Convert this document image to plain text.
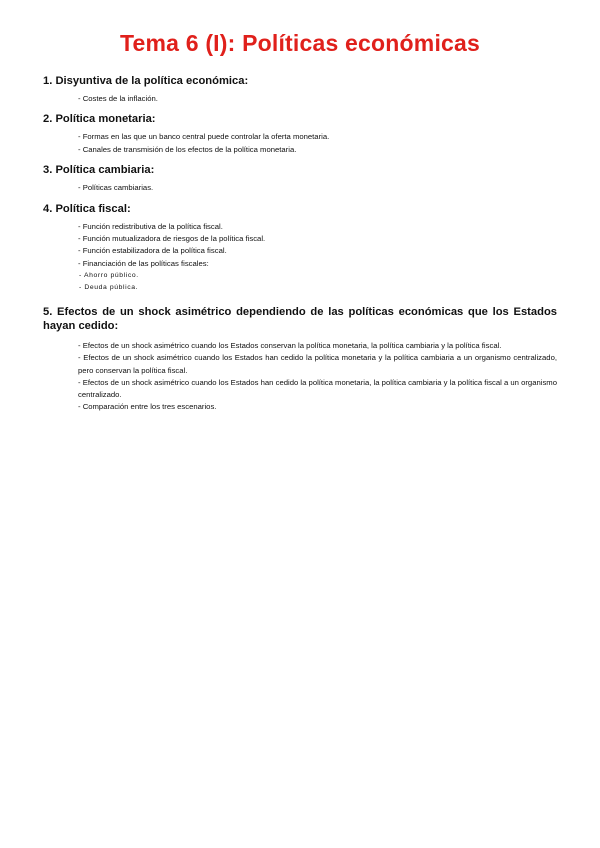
Tema 6 (I): Políticas económicas
1. Disyuntiva de la política económica:
- Costes de la inflación.
2. Política monetaria:
- Formas en las que un banco central puede controlar la oferta monetaria.
- Canales de transmisión de los efectos de la política monetaria.
3. Política cambiaria:
- Políticas cambiarias.
4. Política fiscal:
- Función redistributiva de la política fiscal.
- Función mutualizadora de riesgos de la política fiscal.
- Función estabilizadora de la política fiscal.
- Financiación de las políticas fiscales:
- Ahorro público.
- Deuda pública.
5. Efectos de un shock asimétrico dependiendo de las políticas económicas que los Estados hayan cedido:
- Efectos de un shock asimétrico cuando los Estados conservan la política monetaria, la política cambiaria y la política fiscal.
- Efectos de un shock asimétrico cuando los Estados han cedido la política monetaria y la política cambiaria a un organismo centralizado, pero conservan la política fiscal.
- Efectos de un shock asimétrico cuando los Estados han cedido la política monetaria, la política cambiaria y la política fiscal a un organismo centralizado.
- Comparación entre los tres escenarios.
